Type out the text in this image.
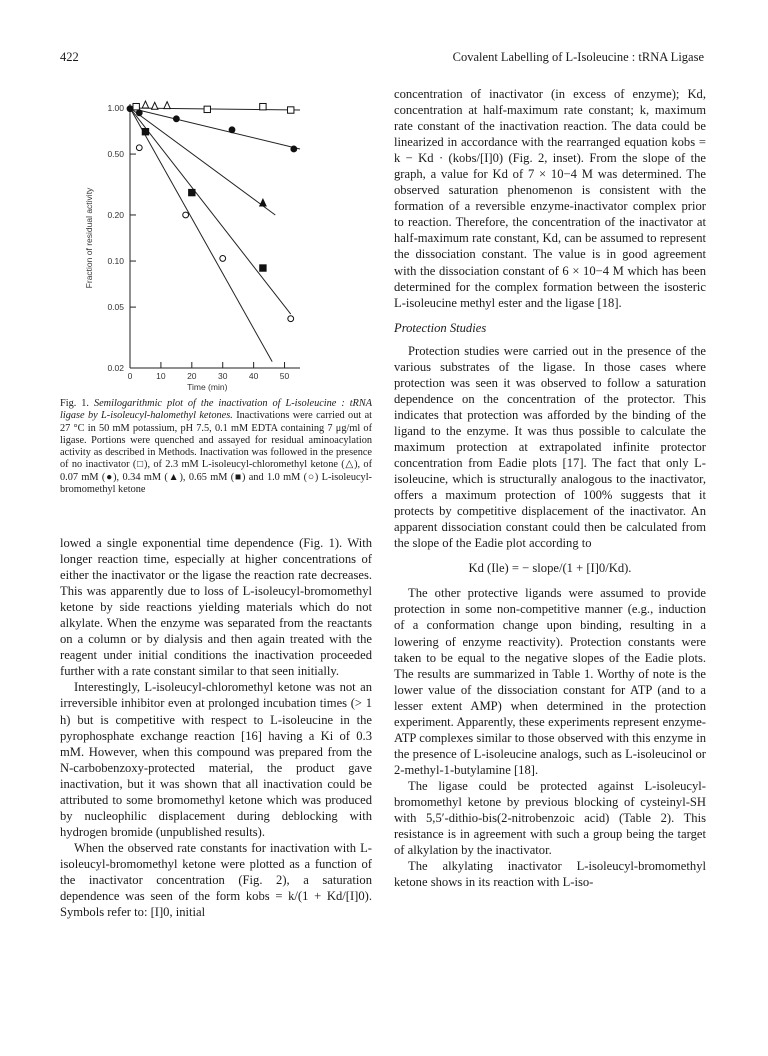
422	Covalent Labelling of L-Isoleucine : tRNA Ligase
0.02
0.05
0.10
0.20
0.50
1.00
0	10	20	30	40	50
Time (min)
Fraction of residual activity
Fig. 1. Semilogarithmic plot of the inactivation of L-isoleucine : tRNA ligase by L-isoleucyl-halomethyl ketones. Inactivations were carried out at 27 °C in 50 mM potassium, pH 7.5, 0.1 mM EDTA containing 7 μg/ml of ligase. Portions were quenched and assayed for residual aminoacylation activity as described in Methods. Inactivation was followed in the presence of no inactivator (□), of 2.3 mM L-isoleucyl-chloromethyl ketone (△), of 0.07 mM (●), 0.34 mM (▲), 0.65 mM (■) and 1.0 mM (○) L-isoleucyl-bromomethyl ketone

lowed a single exponential time dependence (Fig. 1). With longer reaction time, especially at higher concentrations of either the inactivator or the ligase the reaction rate decreases. This was apparently due to loss of L-isoleucyl-bromomethyl ketone by side reactions yielding materials which do not alkylate. When the enzyme was separated from the reactants on a column or by dialysis and then again treated with the reagent under initial conditions the inactivation proceeded further with a rate constant similar to that seen initially.

Interestingly, L-isoleucyl-chloromethyl ketone was not an irreversible inhibitor even at prolonged incubation times (> 1 h) but is competitive with respect to L-isoleucine in the pyrophosphate exchange reaction [16] having a Ki of 0.3 mM. However, when this compound was prepared from the N-carbobenzoxy-protected material, the product gave inactivation, but it was shown that all inactivation could be attributed to some bromomethyl ketone which was produced by nucleophilic displacement during deblocking with hydrogen bromide (unpublished results).

When the observed rate constants for inactivation with L-isoleucyl-bromomethyl ketone were plotted as a function of the inactivator concentration (Fig. 2), a saturation dependence was seen of the form kobs = k/(1 + Kd/[I]0). Symbols refer to: [I]0, initial

concentration of inactivator (in excess of enzyme); Kd, concentration at half-maximum rate constant; k, maximum rate constant of the inactivation reaction. The data could be linearized in accordance with the rearranged equation kobs = k − Kd · (kobs/[I]0) (Fig. 2, inset). From the slope of the graph, a value for Kd of 7 × 10−4 M was determined. The observed saturation phenomenon is consistent with the formation of a reversible enzyme-inactivator complex prior to reaction. Therefore, the concentration of the inactivator at half-maximum rate constant, Kd, can be assumed to represent the dissociation constant. The value is in good agreement with the dissociation constant of 6 × 10−4 M which has been determined for the complex formation between the isosteric L-isoleucine methyl ester and the ligase [18].

Protection Studies

Protection studies were carried out in the presence of the various substrates of the ligase. In those cases where protection was seen it was observed to follow a saturation dependence on the concentration of the protector. This indicates that protection was afforded by the binding of the ligand to the enzyme. It was thus possible to calculate the maximum protection at extrapolated infinite protector concentration from Eadie plots [17]. The fact that only L-isoleucine, which is structurally analogous to the inactivator, offers a maximum protection of 100% suggests that it protects by competitive displacement of the inactivator. An apparent dissociation constant could then be calculated from the slope of the Eadie plot according to

Kd (Ile) = − slope/(1 + [I]0/Kd).

The other protective ligands were assumed to provide protection in some non-competitive manner (e.g., induction of a conformation change upon binding, resulting in a lowering of enzyme reactivity). Protection constants were taken to be equal to the negative slopes of the Eadie plots. The results are summarized in Table 1. Worthy of note is the lower value of the dissociation constant for ATP (and to a lesser extent AMP) when determined in the protection experiment. Apparently, these experiments represent enzyme-ATP complexes similar to those observed with this enzyme in the presence of L-isoleucine analogs, such as L-isoleucinol or 2-methyl-1-butylamine [18].

The ligase could be protected against L-isoleucyl-bromomethyl ketone by previous blocking of cysteinyl-SH with 5,5′-dithio-bis(2-nitrobenzoic acid) (Table 2). This resistance is in agreement with such a group being the target of alkylation by the inactivator.

The alkylating inactivator L-isoleucyl-bromomethyl ketone shows in its reaction with L-iso-
